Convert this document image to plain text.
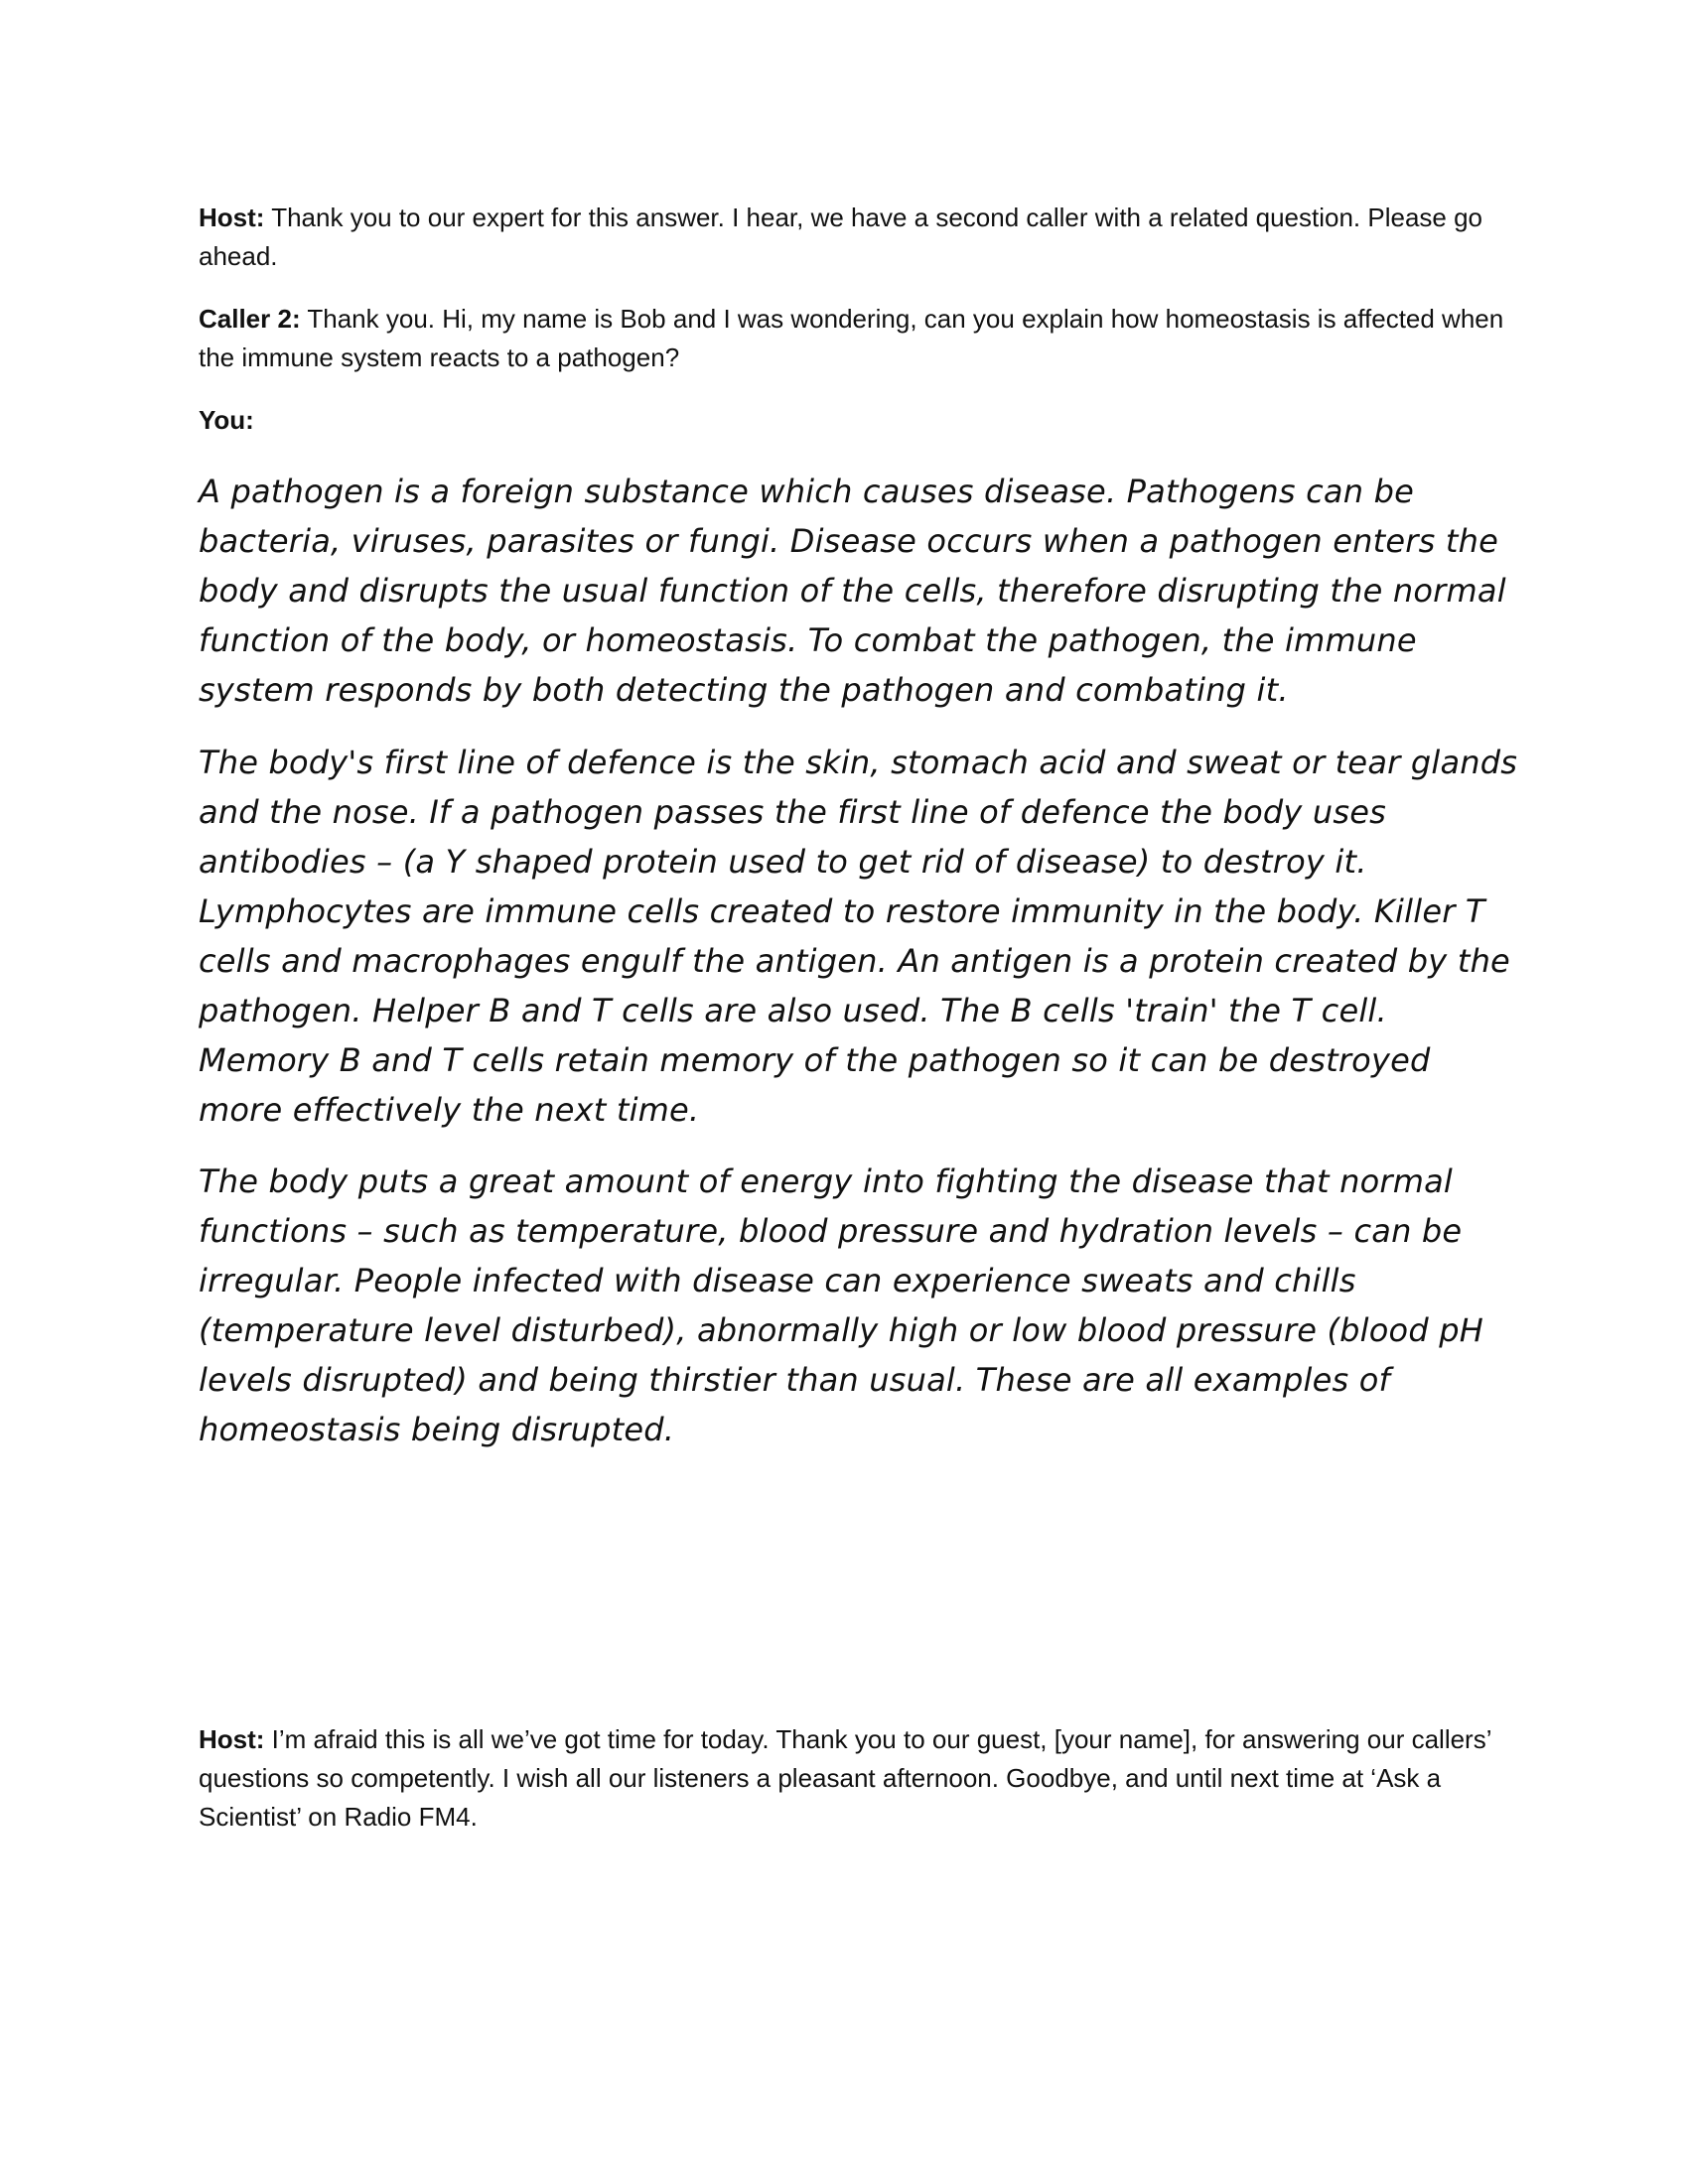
Host: Thank you to our expert for this answer. I hear, we have a second caller with a related question. Please go ahead.

Caller 2: Thank you. Hi, my name is Bob and I was wondering, can you explain how homeostasis is affected when the immune system reacts to a pathogen?

You:

A pathogen is a foreign substance which causes disease. Pathogens can be bacteria, viruses, parasites or fungi. Disease occurs when a pathogen enters the body and disrupts the usual function of the cells, therefore disrupting the normal function of the body, or homeostasis. To combat the pathogen, the immune system responds by both detecting the pathogen and combating it.

The body's first line of defence is the skin, stomach acid and sweat or tear glands and the nose. If a pathogen passes the first line of defence the body uses antibodies – (a Y shaped protein used to get rid of disease) to destroy it. Lymphocytes are immune cells created to restore immunity in the body. Killer T cells and macrophages engulf the antigen. An antigen is a protein created by the pathogen. Helper B and T cells are also used. The B cells 'train' the T cell. Memory B and T cells retain memory of the pathogen so it can be destroyed more effectively the next time.

The body puts a great amount of energy into fighting the disease that normal functions – such as temperature, blood pressure and hydration levels – can be irregular. People infected with disease can experience sweats and chills (temperature level disturbed), abnormally high or low blood pressure (blood pH levels disrupted) and being thirstier than usual. These are all examples of homeostasis being disrupted.

Host: I’m afraid this is all we’ve got time for today. Thank you to our guest, [your name], for answering our callers’ questions so competently. I wish all our listeners a pleasant afternoon. Goodbye, and until next time at ‘Ask a Scientist’ on Radio FM4.
